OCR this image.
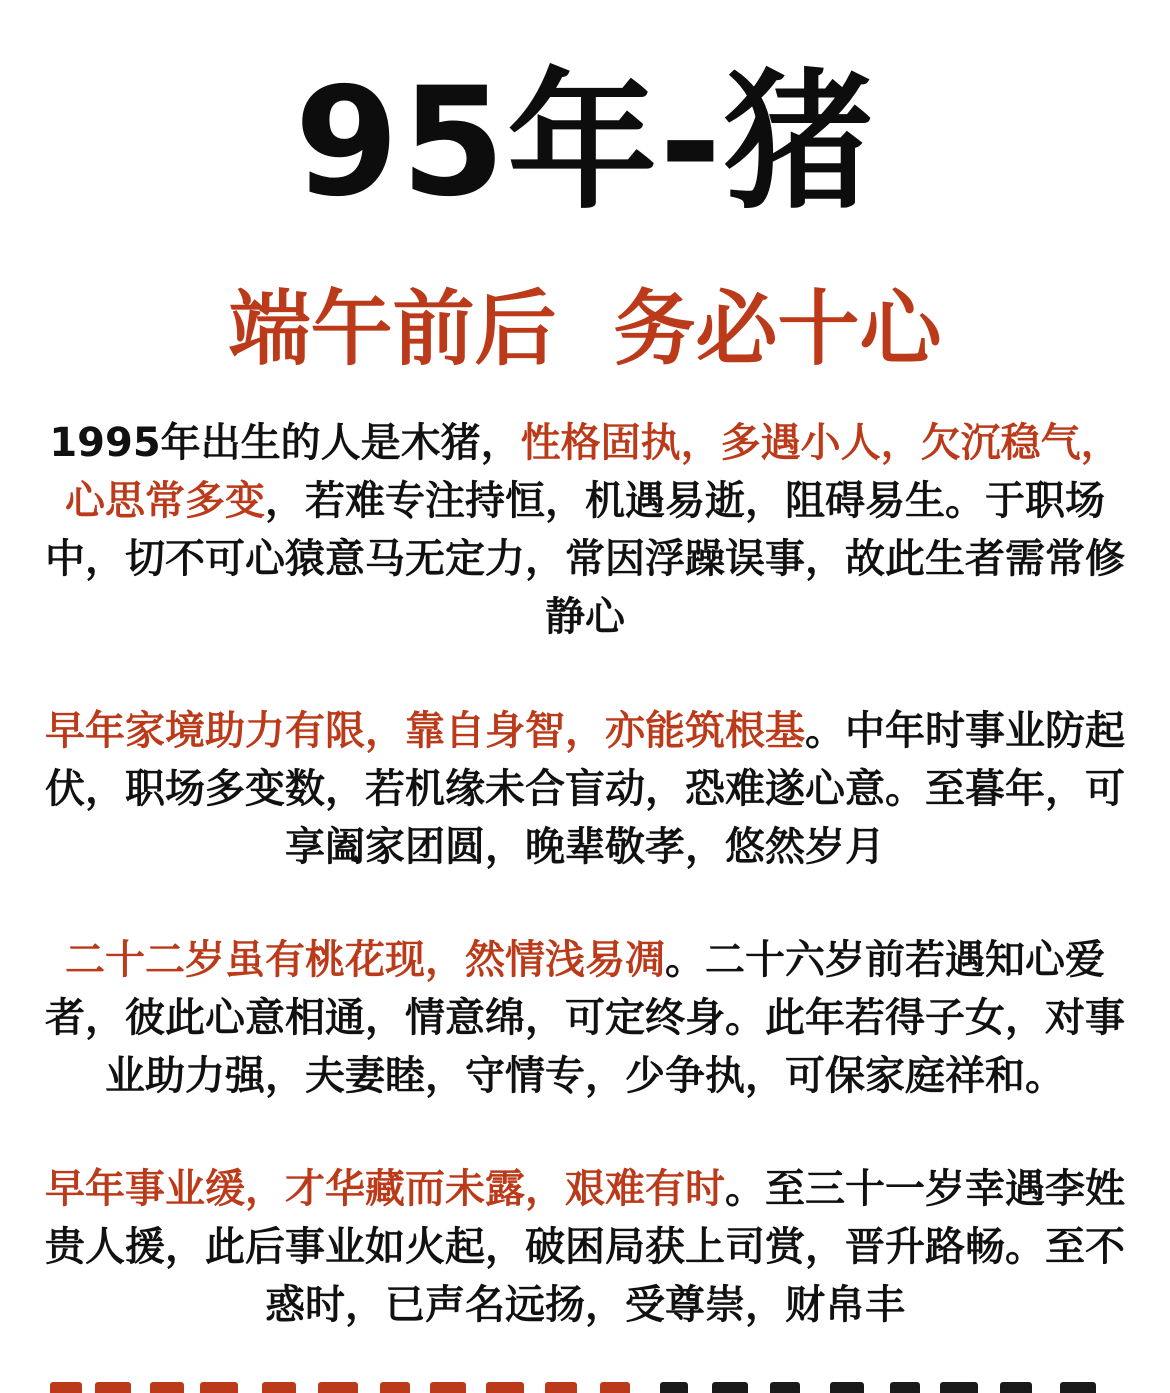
95年-猪
端午前后  务必十心

1995年出生的人是木猪，性格固执，多遇小人，欠沉稳气，心思常多变，若难专注持恒，机遇易逝，阻碍易生。于职场中，切不可心猿意马无定力，常因浮躁误事，故此生者需常修静心

早年家境助力有限，靠自身智，亦能筑根基。中年时事业防起伏，职场多变数，若机缘未合盲动，恐难遂心意。至暮年，可享阖家团圆，晚辈敬孝，悠然岁月

二十二岁虽有桃花现，然情浅易凋。二十六岁前若遇知心爱者，彼此心意相通，情意绵，可定终身。此年若得子女，对事业助力强，夫妻睦，守情专，少争执，可保家庭祥和。

早年事业缓，才华藏而未露，艰难有时。至三十一岁幸遇李姓贵人援，此后事业如火起，破困局获上司赏，晋升路畅。至不惑时，已声名远扬，受尊崇，财帛丰
